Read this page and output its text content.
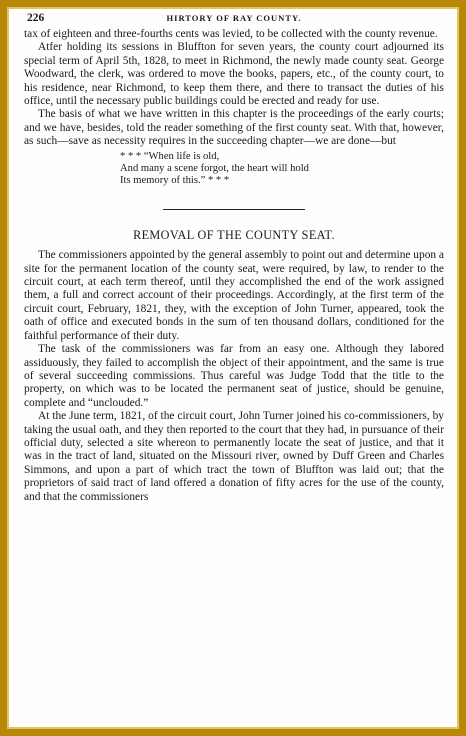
226	HIRTORY OF RAY COUNTY.

tax of eighteen and three-fourths cents was levied, to be collected with the county revenue.

Atfer holding its sessions in Bluffton for seven years, the county court adjourned its special term of April 5th, 1828, to meet in Richmond, the newly made county seat. George Woodward, the clerk, was ordered to move the books, papers, etc., of the county court, to his residence, near Richmond, to keep them there, and there to transact the duties of his office, until the necessary public buildings could be erected and ready for use.

The basis of what we have written in this chapter is the proceedings of the early courts; and we have, besides, told the reader something of the first county seat. With that, however, as such—save as necessity requires in the succeeding chapter—we are done—but

* * * “When life is old,
And many a scene forgot, the heart will hold
Its memory of this.” * * *
REMOVAL OF THE COUNTY SEAT.

The commissioners appointed by the general assembly to point out and determine upon a site for the permanent location of the county seat, were required, by law, to render to the circuit court, at each term thereof, until they accomplished the end of the work assigned them, a full and correct account of their proceedings. Accordingly, at the first term of the circuit court, February, 1821, they, with the exception of John Turner, appeared, took the oath of office and executed bonds in the sum of ten thousand dollars, conditioned for the faithful performance of their duty.

The task of the commissioners was far from an easy one. Although they labored assiduously, they failed to accomplish the object of their appointment, and the same is true of several succeeding commissions. Thus careful was Judge Todd that the title to the property, on which was to be located the permanent seat of justice, should be genuine, complete and “unclouded.”

At the June term, 1821, of the circuit court, John Turner joined his co-commissioners, by taking the usual oath, and they then reported to the court that they had, in pursuance of their official duty, selected a site whereon to permanently locate the seat of justice, and that it was in the tract of land, situated on the Missouri river, owned by Duff Green and Charles Simmons, and upon a part of which tract the town of Bluffton was laid out; that the proprietors of said tract of land offered a donation of fifty acres for the use of the county, and that the commissioners
